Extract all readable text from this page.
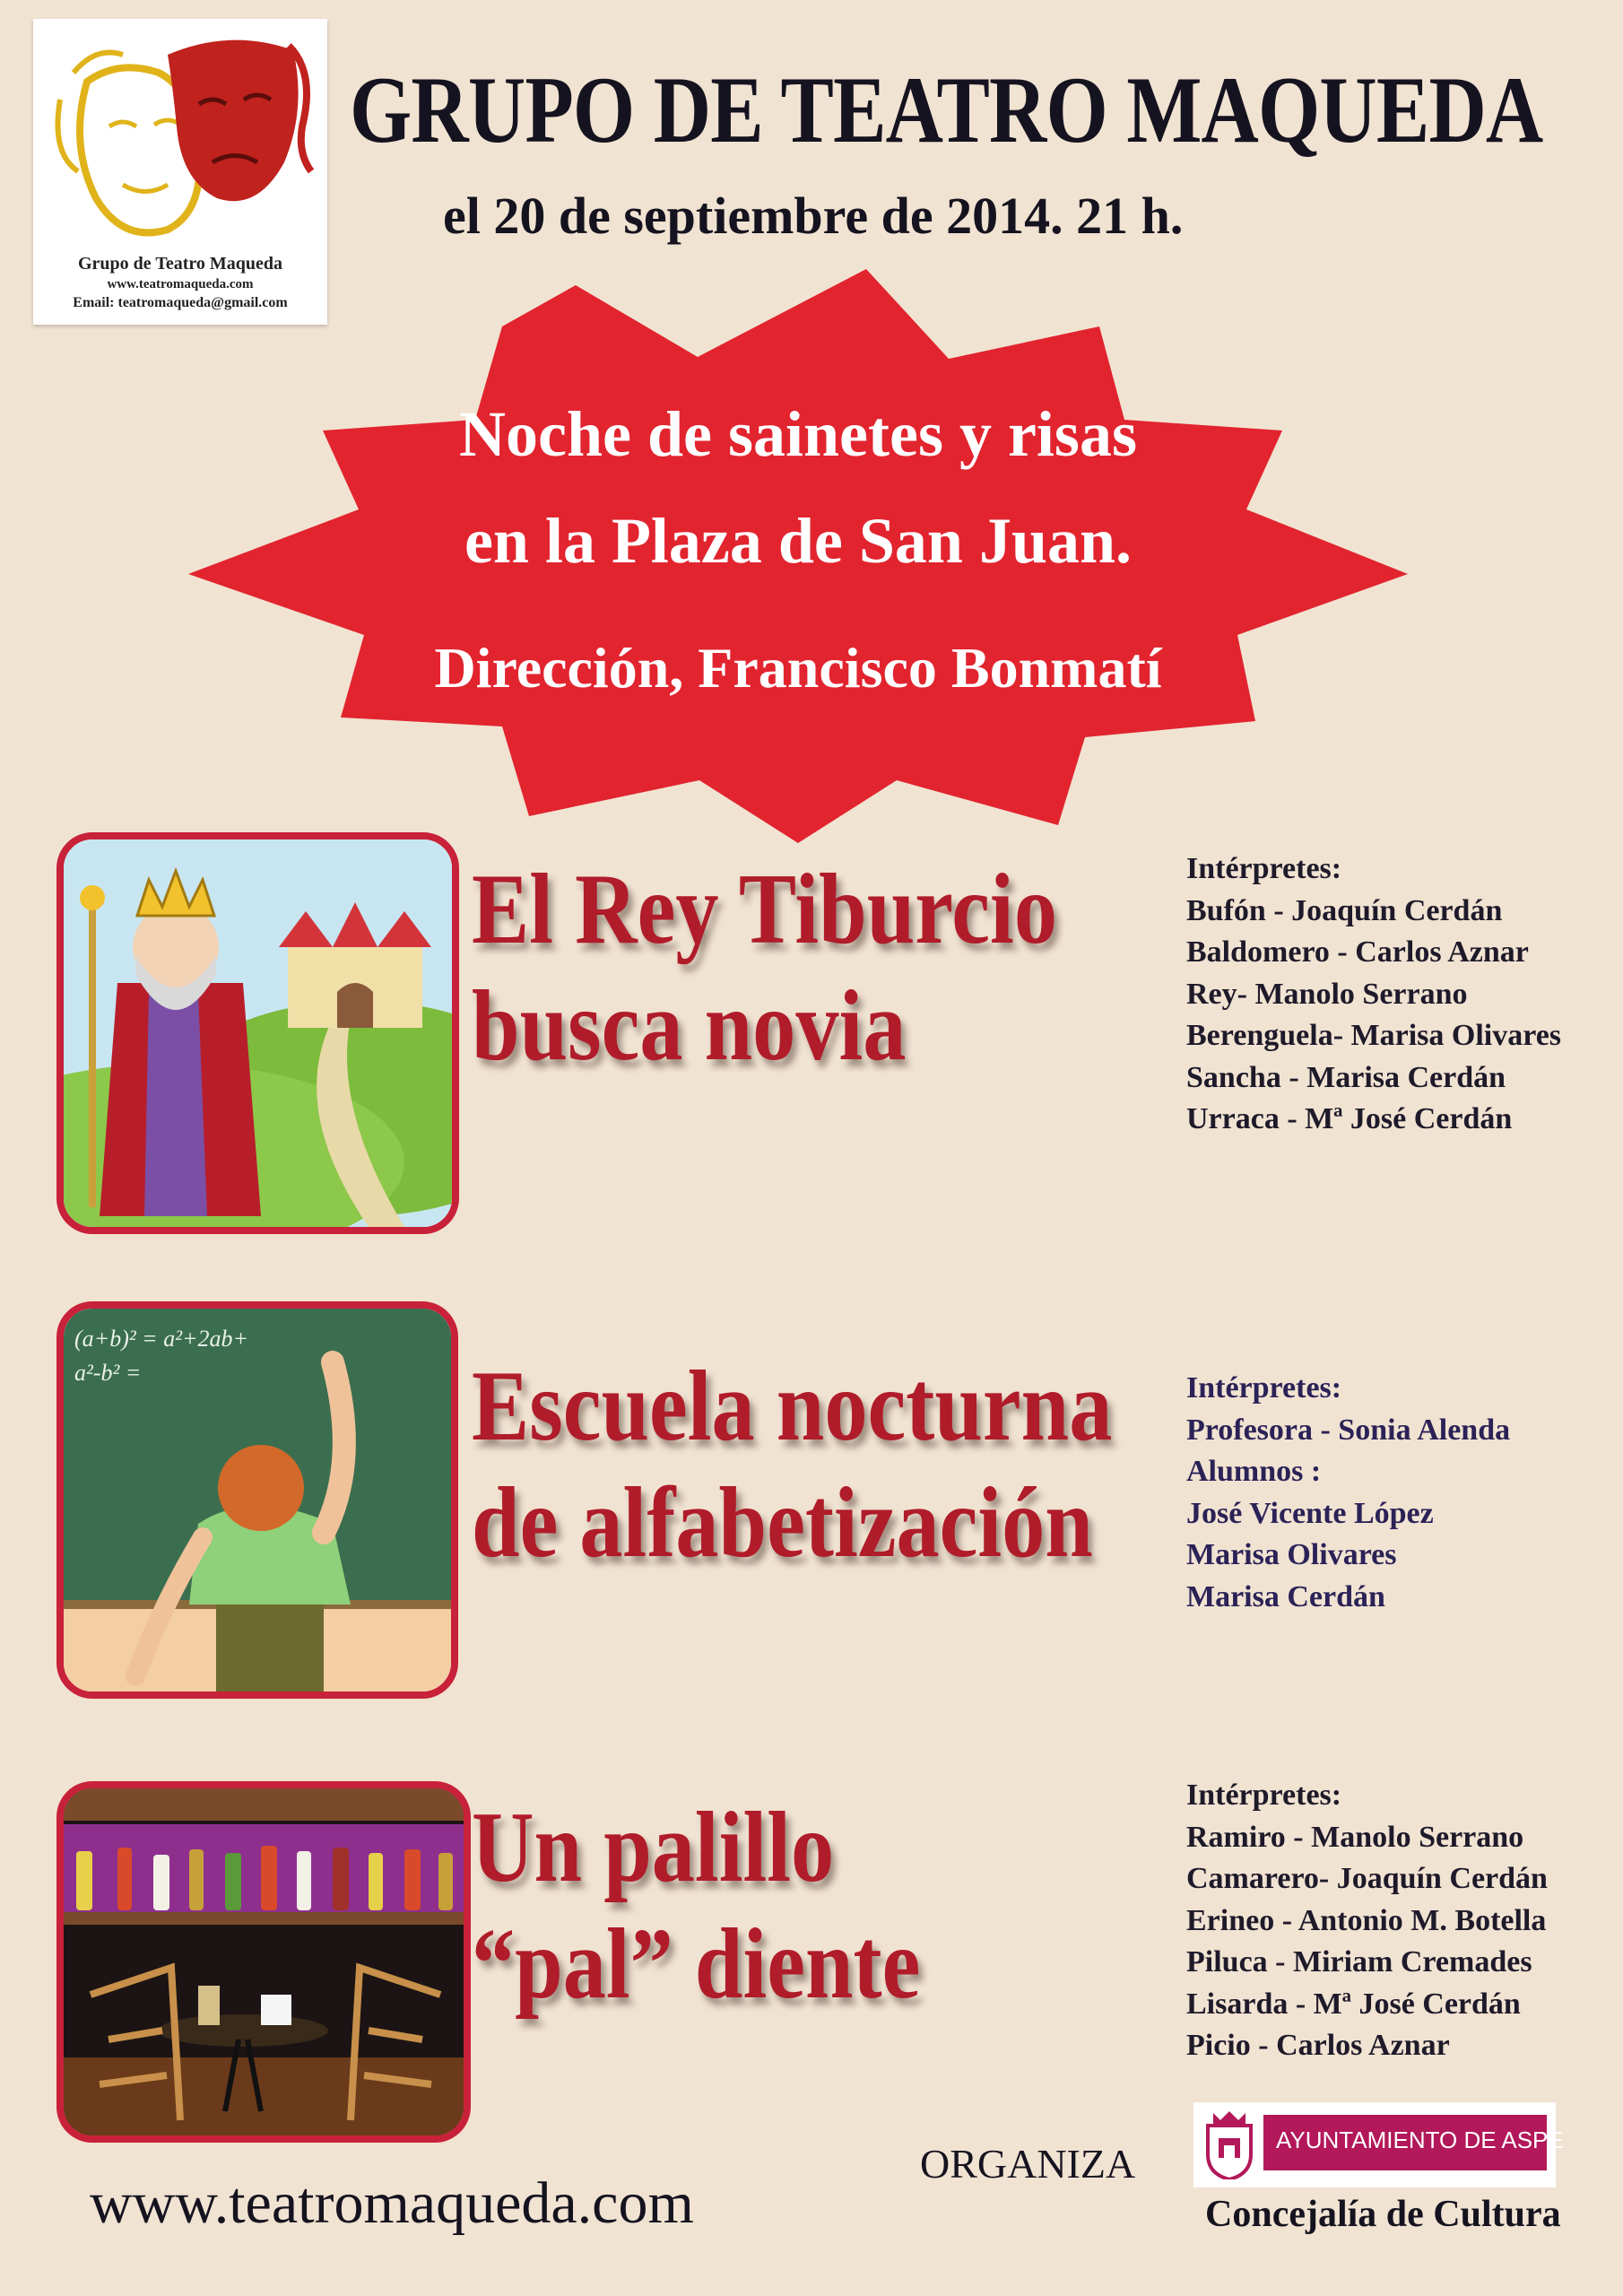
Grupo de Teatro Maqueda
www.teatromaqueda.com
Email: teatromaqueda@gmail.com
GRUPO DE TEATRO MAQUEDA
el 20 de septiembre de 2014. 21 h.
Noche de sainetes y risas
en la Plaza de San Juan.
Dirección, Francisco Bonmatí
El Rey Tiburcio
busca novia
Intérpretes:
Bufón - Joaquín Cerdán
Baldomero - Carlos Aznar
Rey- Manolo Serrano
Berenguela- Marisa Olivares
Sancha - Marisa Cerdán
Urraca - Mª José Cerdán
(a+b)² = a²+2ab+
a²-b² =	Escuela nocturna
de alfabetización
Intérpretes:
Profesora - Sonia Alenda
Alumnos :
José Vicente López
Marisa Olivares
Marisa Cerdán
Un palillo
“pal” diente
Intérpretes:
Ramiro - Manolo Serrano
Camarero- Joaquín Cerdán
Erineo - Antonio M. Botella
Piluca - Miriam Cremades
Lisarda - Mª José Cerdán
Picio - Carlos Aznar
www.teatromaqueda.com
ORGANIZA
AYUNTAMIENTO DE ASPE
Concejalía de Cultura
